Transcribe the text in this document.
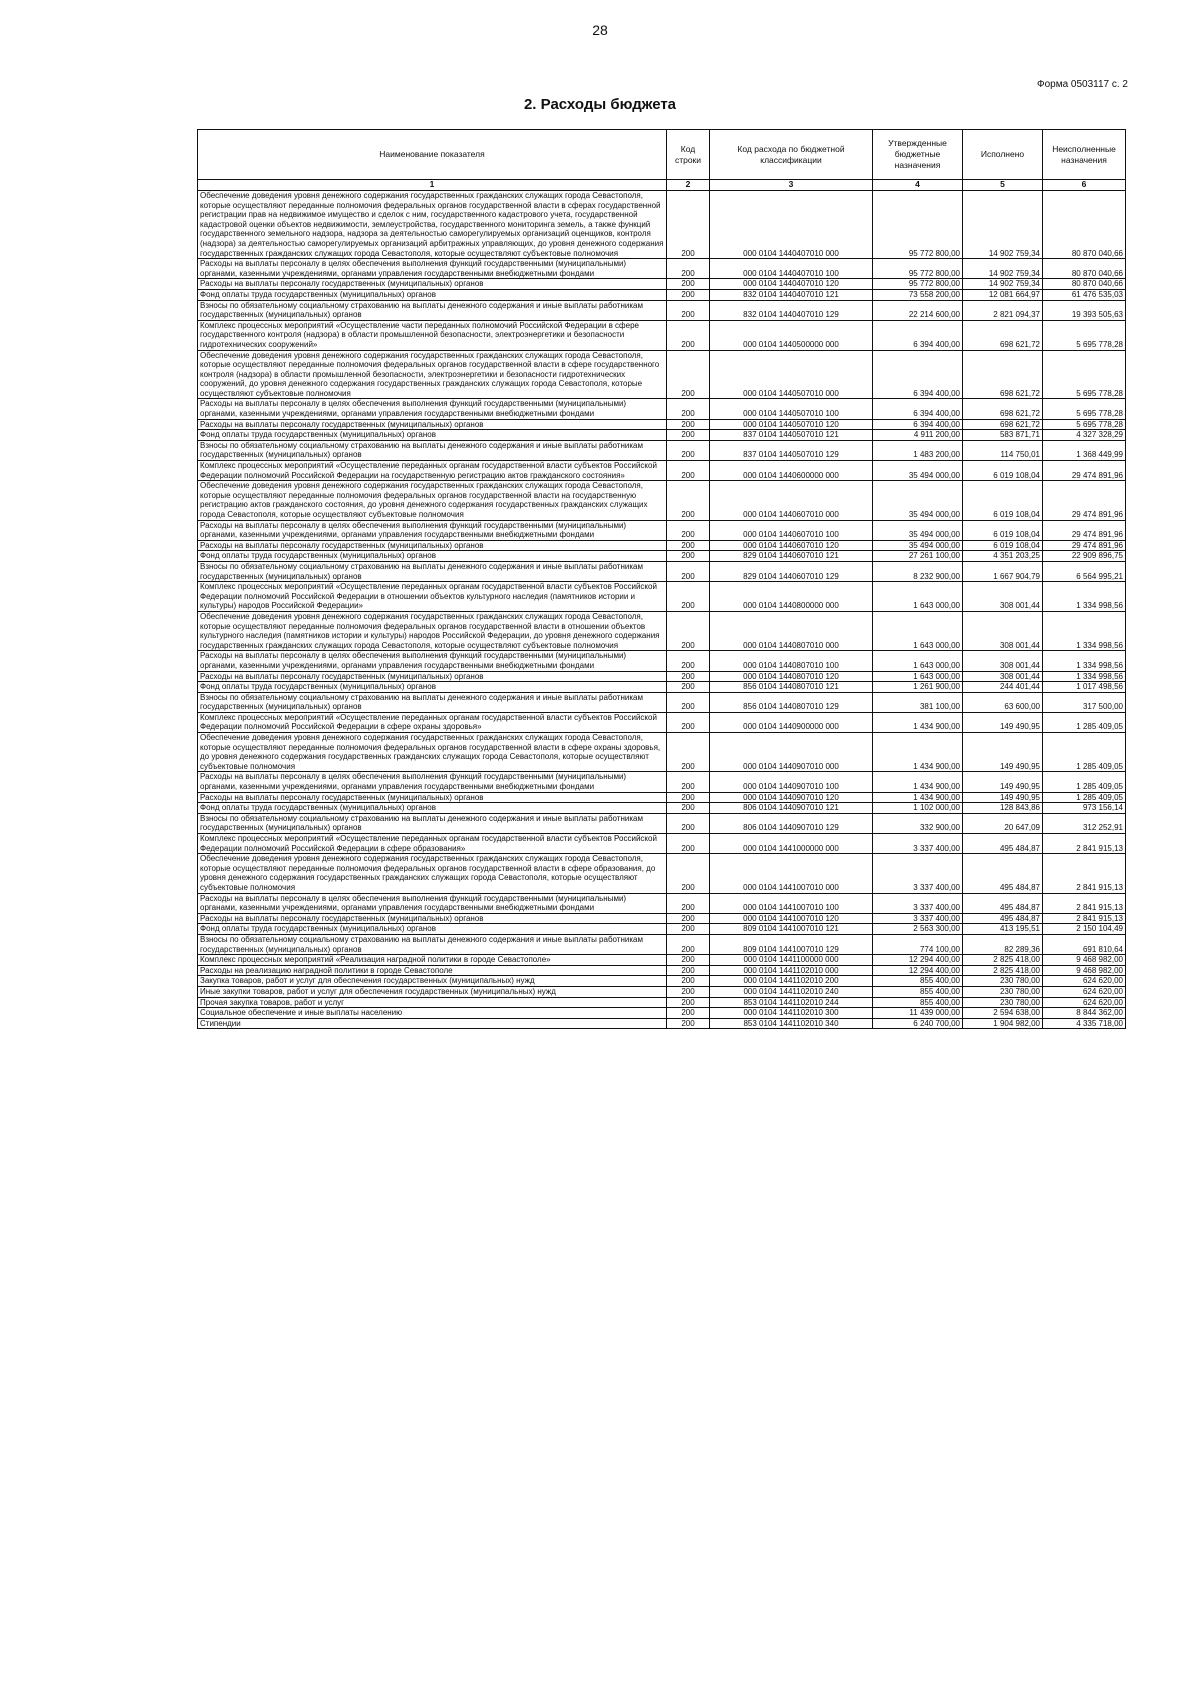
28
Форма 0503117 с. 2
2. Расходы бюджета
Наименование показателя	Код строки	Код расхода по бюджетной классификации	Утвержденные бюджетные назначения	Исполнено	Неисполненные назначения
1	2	3	4	5	6
Обеспечение доведения уровня денежного содержания государственных гражданских служащих города Севастополя, которые осуществляют переданные полномочия федеральных органов государственной власти в сферах государственной регистрации прав на недвижимое имущество и сделок с ним, государственного кадастрового учета, государственной кадастровой оценки объектов недвижимости, землеустройства, государственного мониторинга земель, а также функций государственного земельного надзора, надзора за деятельностью саморегулируемых организаций оценщиков, контроля (надзора) за деятельностью саморегулируемых организаций арбитражных управляющих, до уровня денежного содержания государственных гражданских служащих города Севастополя, которые осуществляют субъектовые полномочия	200	000 0104 1440407010 000	95 772 800,00	14 902 759,34	80 870 040,66
Расходы на выплаты персоналу в целях обеспечения выполнения функций государственными (муниципальными) органами, казенными учреждениями, органами управления государственными внебюджетными фондами	200	000 0104 1440407010 100	95 772 800,00	14 902 759,34	80 870 040,66
Расходы на выплаты персоналу государственных (муниципальных) органов	200	000 0104 1440407010 120	95 772 800,00	14 902 759,34	80 870 040,66
Фонд оплаты труда государственных (муниципальных) органов	200	832 0104 1440407010 121	73 558 200,00	12 081 664,97	61 476 535,03
Взносы по обязательному социальному страхованию на выплаты денежного содержания и иные выплаты работникам государственных (муниципальных) органов	200	832 0104 1440407010 129	22 214 600,00	2 821 094,37	19 393 505,63
Комплекс процессных мероприятий «Осуществление части переданных полномочий Российской Федерации в сфере государственного контроля (надзора) в области промышленной безопасности, электроэнергетики и безопасности гидротехнических сооружений»	200	000 0104 1440500000 000	6 394 400,00	698 621,72	5 695 778,28
Обеспечение доведения уровня денежного содержания государственных гражданских служащих города Севастополя, которые осуществляют переданные полномочия федеральных органов государственной власти в сфере государственного контроля (надзора) в области промышленной безопасности, электроэнергетики и безопасности гидротехнических сооружений, до уровня денежного содержания государственных гражданских служащих города Севастополя, которые осуществляют субъектовые полномочия	200	000 0104 1440507010 000	6 394 400,00	698 621,72	5 695 778,28
Расходы на выплаты персоналу в целях обеспечения выполнения функций государственными (муниципальными) органами, казенными учреждениями, органами управления государственными внебюджетными фондами	200	000 0104 1440507010 100	6 394 400,00	698 621,72	5 695 778,28
Расходы на выплаты персоналу государственных (муниципальных) органов	200	000 0104 1440507010 120	6 394 400,00	698 621,72	5 695 778,28
Фонд оплаты труда государственных (муниципальных) органов	200	837 0104 1440507010 121	4 911 200,00	583 871,71	4 327 328,29
Взносы по обязательному социальному страхованию на выплаты денежного содержания и иные выплаты работникам государственных (муниципальных) органов	200	837 0104 1440507010 129	1 483 200,00	114 750,01	1 368 449,99
Комплекс процессных мероприятий «Осуществление переданных органам государственной власти субъектов Российской Федерации полномочий Российской Федерации на государственную регистрацию актов гражданского состояния»	200	000 0104 1440600000 000	35 494 000,00	6 019 108,04	29 474 891,96
Обеспечение доведения уровня денежного содержания государственных гражданских служащих города Севастополя, которые осуществляют переданные полномочия федеральных органов государственной власти на государственную регистрацию актов гражданского состояния, до уровня денежного содержания государственных гражданских служащих города Севастополя, которые осуществляют субъектовые полномочия	200	000 0104 1440607010 000	35 494 000,00	6 019 108,04	29 474 891,96
Расходы на выплаты персоналу в целях обеспечения выполнения функций государственными (муниципальными) органами, казенными учреждениями, органами управления государственными внебюджетными фондами	200	000 0104 1440607010 100	35 494 000,00	6 019 108,04	29 474 891,96
Расходы на выплаты персоналу государственных (муниципальных) органов	200	000 0104 1440607010 120	35 494 000,00	6 019 108,04	29 474 891,96
Фонд оплаты труда государственных (муниципальных) органов	200	829 0104 1440607010 121	27 261 100,00	4 351 203,25	22 909 896,75
Взносы по обязательному социальному страхованию на выплаты денежного содержания и иные выплаты работникам государственных (муниципальных) органов	200	829 0104 1440607010 129	8 232 900,00	1 667 904,79	6 564 995,21
Комплекс процессных мероприятий «Осуществление переданных органам государственной власти субъектов Российской Федерации полномочий Российской Федерации в отношении объектов культурного наследия (памятников истории и культуры) народов Российской Федерации»	200	000 0104 1440800000 000	1 643 000,00	308 001,44	1 334 998,56
Обеспечение доведения уровня денежного содержания государственных гражданских служащих города Севастополя, которые осуществляют переданные полномочия федеральных органов государственной власти в отношении объектов культурного наследия (памятников истории и культуры) народов Российской Федерации, до уровня денежного содержания государственных гражданских служащих города Севастополя, которые осуществляют субъектовые полномочия	200	000 0104 1440807010 000	1 643 000,00	308 001,44	1 334 998,56
Расходы на выплаты персоналу в целях обеспечения выполнения функций государственными (муниципальными) органами, казенными учреждениями, органами управления государственными внебюджетными фондами	200	000 0104 1440807010 100	1 643 000,00	308 001,44	1 334 998,56
Расходы на выплаты персоналу государственных (муниципальных) органов	200	000 0104 1440807010 120	1 643 000,00	308 001,44	1 334 998,56
Фонд оплаты труда государственных (муниципальных) органов	200	856 0104 1440807010 121	1 261 900,00	244 401,44	1 017 498,56
Взносы по обязательному социальному страхованию на выплаты денежного содержания и иные выплаты работникам государственных (муниципальных) органов	200	856 0104 1440807010 129	381 100,00	63 600,00	317 500,00
Комплекс процессных мероприятий «Осуществление переданных органам государственной власти субъектов Российской Федерации полномочий Российской Федерации в сфере охраны здоровья»	200	000 0104 1440900000 000	1 434 900,00	149 490,95	1 285 409,05
Обеспечение доведения уровня денежного содержания государственных гражданских служащих города Севастополя, которые осуществляют переданные полномочия федеральных органов государственной власти в сфере охраны здоровья, до уровня денежного содержания государственных гражданских служащих города Севастополя, которые осуществляют субъектовые полномочия	200	000 0104 1440907010 000	1 434 900,00	149 490,95	1 285 409,05
Расходы на выплаты персоналу в целях обеспечения выполнения функций государственными (муниципальными) органами, казенными учреждениями, органами управления государственными внебюджетными фондами	200	000 0104 1440907010 100	1 434 900,00	149 490,95	1 285 409,05
Расходы на выплаты персоналу государственных (муниципальных) органов	200	000 0104 1440907010 120	1 434 900,00	149 490,95	1 285 409,05
Фонд оплаты труда государственных (муниципальных) органов	200	806 0104 1440907010 121	1 102 000,00	128 843,86	973 156,14
Взносы по обязательному социальному страхованию на выплаты денежного содержания и иные выплаты работникам государственных (муниципальных) органов	200	806 0104 1440907010 129	332 900,00	20 647,09	312 252,91
Комплекс процессных мероприятий «Осуществление переданных органам государственной власти субъектов Российской Федерации полномочий Российской Федерации в сфере образования»	200	000 0104 1441000000 000	3 337 400,00	495 484,87	2 841 915,13
Обеспечение доведения уровня денежного содержания государственных гражданских служащих города Севастополя, которые осуществляют переданные полномочия федеральных органов государственной власти в сфере образования, до уровня денежного содержания государственных гражданских служащих города Севастополя, которые осуществляют субъектовые полномочия	200	000 0104 1441007010 000	3 337 400,00	495 484,87	2 841 915,13
Расходы на выплаты персоналу в целях обеспечения выполнения функций государственными (муниципальными) органами, казенными учреждениями, органами управления государственными внебюджетными фондами	200	000 0104 1441007010 100	3 337 400,00	495 484,87	2 841 915,13
Расходы на выплаты персоналу государственных (муниципальных) органов	200	000 0104 1441007010 120	3 337 400,00	495 484,87	2 841 915,13
Фонд оплаты труда государственных (муниципальных) органов	200	809 0104 1441007010 121	2 563 300,00	413 195,51	2 150 104,49
Взносы по обязательному социальному страхованию на выплаты денежного содержания и иные выплаты работникам государственных (муниципальных) органов	200	809 0104 1441007010 129	774 100,00	82 289,36	691 810,64
Комплекс процессных мероприятий «Реализация наградной политики в городе Севастополе»	200	000 0104 1441100000 000	12 294 400,00	2 825 418,00	9 468 982,00
Расходы на реализацию наградной политики в городе Севастополе	200	000 0104 1441102010 000	12 294 400,00	2 825 418,00	9 468 982,00
Закупка товаров, работ и услуг для обеспечения государственных (муниципальных) нужд	200	000 0104 1441102010 200	855 400,00	230 780,00	624 620,00
Иные закупки товаров, работ и услуг для обеспечения государственных (муниципальных) нужд	200	000 0104 1441102010 240	855 400,00	230 780,00	624 620,00
Прочая закупка товаров, работ и услуг	200	853 0104 1441102010 244	855 400,00	230 780,00	624 620,00
Социальное обеспечение и иные выплаты населению	200	000 0104 1441102010 300	11 439 000,00	2 594 638,00	8 844 362,00
Стипендии	200	853 0104 1441102010 340	6 240 700,00	1 904 982,00	4 335 718,00
